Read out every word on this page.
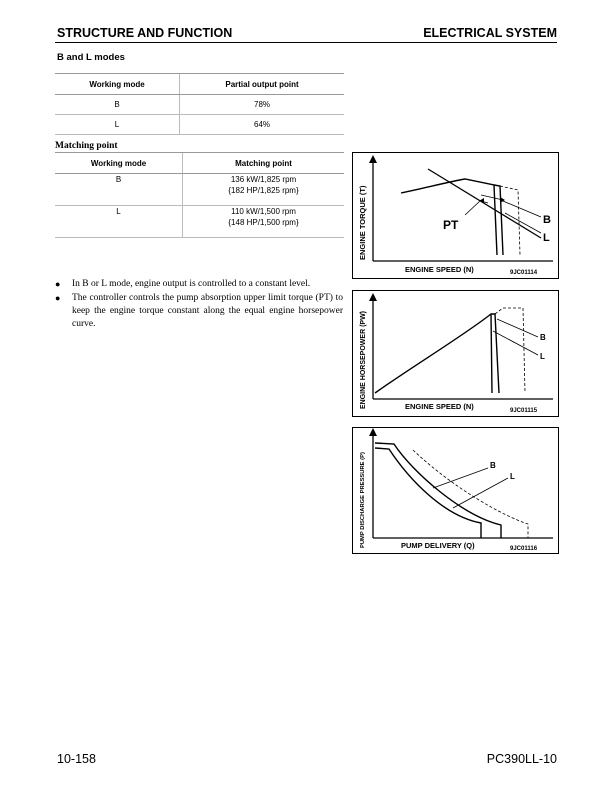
STRUCTURE AND FUNCTION	ELECTRICAL SYSTEM
B and L modes
Working mode	Partial output point
B	78%
L	64%
Matching point
Working mode	Matching point
B	136 kW/1,825 rpm
{182 HP/1,825 rpm}

L	110 kW/1,500 rpm
{148 HP/1,500 rpm}
● In B or L mode, engine output is controlled to a constant level.
● The controller controls the pump absorption upper limit torque (PT) to keep the engine torque constant along the equal engine horsepower curve.
ENGINE TORQUE (T)
ENGINE SPEED (N)	9JC01114
PT	B
L
ENGINE HORSEPOWER (PW)	ENGINE SPEED (N)	9JC01115
B
L
PUMP DISCHARGE PRESSURE (P)	PUMP DELIVERY (Q)	9JC01116
B
L
10-158	PC390LL-10
